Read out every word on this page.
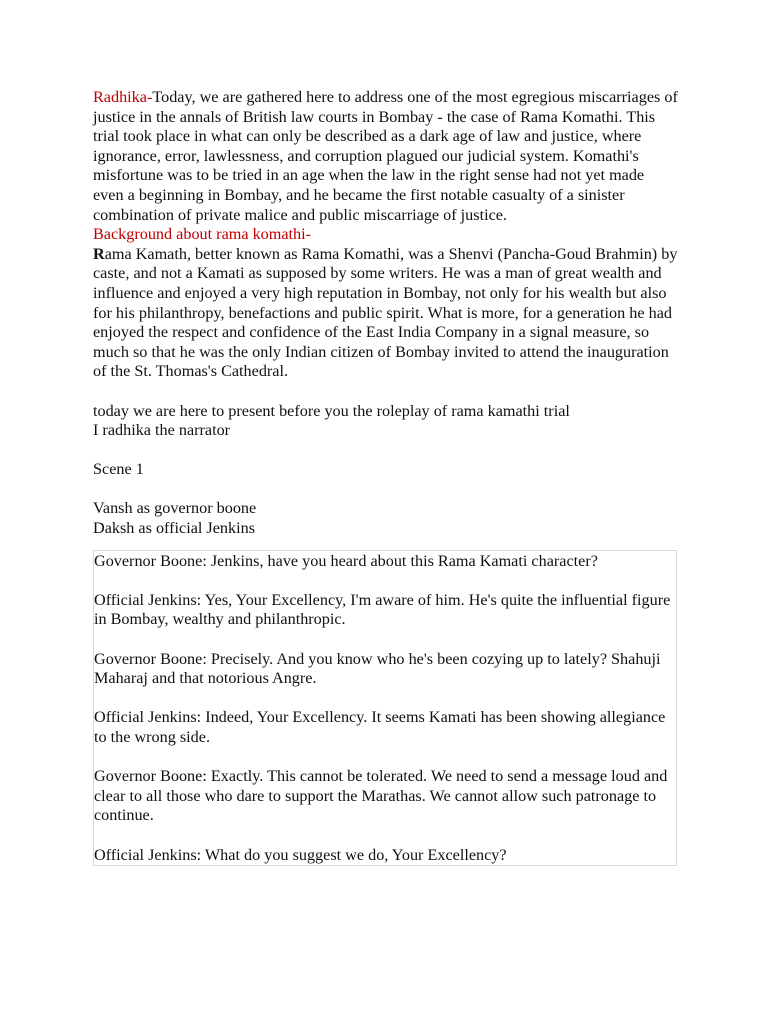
Radhika-Today, we are gathered here to address one of the most egregious miscarriages of justice in the annals of British law courts in Bombay - the case of Rama Komathi. This trial took place in what can only be described as a dark age of law and justice, where ignorance, error, lawlessness, and corruption plagued our judicial system. Komathi's misfortune was to be tried in an age when the law in the right sense had not yet made even a beginning in Bombay, and he became the first notable casualty of a sinister combination of private malice and public miscarriage of justice.

Background about rama komathi-

Rama Kamath, better known as Rama Komathi, was a Shenvi (Pancha-Goud Brahmin) by caste, and not a Kamati as supposed by some writers. He was a man of great wealth and influence and enjoyed a very high reputation in Bombay, not only for his wealth but also for his philanthropy, benefactions and public spirit. What is more, for a generation he had enjoyed the respect and confidence of the East India Company in a signal measure, so much so that he was the only Indian citizen of Bombay invited to attend the inauguration of the St. Thomas's Cathedral.

today we are here to present before you the roleplay of rama kamathi trial

I radhika the narrator

Scene 1

Vansh as governor boone

Daksh as official Jenkins

Governor Boone: Jenkins, have you heard about this Rama Kamati character?

Official Jenkins: Yes, Your Excellency, I'm aware of him. He's quite the influential figure in Bombay, wealthy and philanthropic.

Governor Boone: Precisely. And you know who he's been cozying up to lately? Shahuji Maharaj and that notorious Angre.

Official Jenkins: Indeed, Your Excellency. It seems Kamati has been showing allegiance to the wrong side.

Governor Boone: Exactly. This cannot be tolerated. We need to send a message loud and clear to all those who dare to support the Marathas. We cannot allow such patronage to continue.

Official Jenkins: What do you suggest we do, Your Excellency?
